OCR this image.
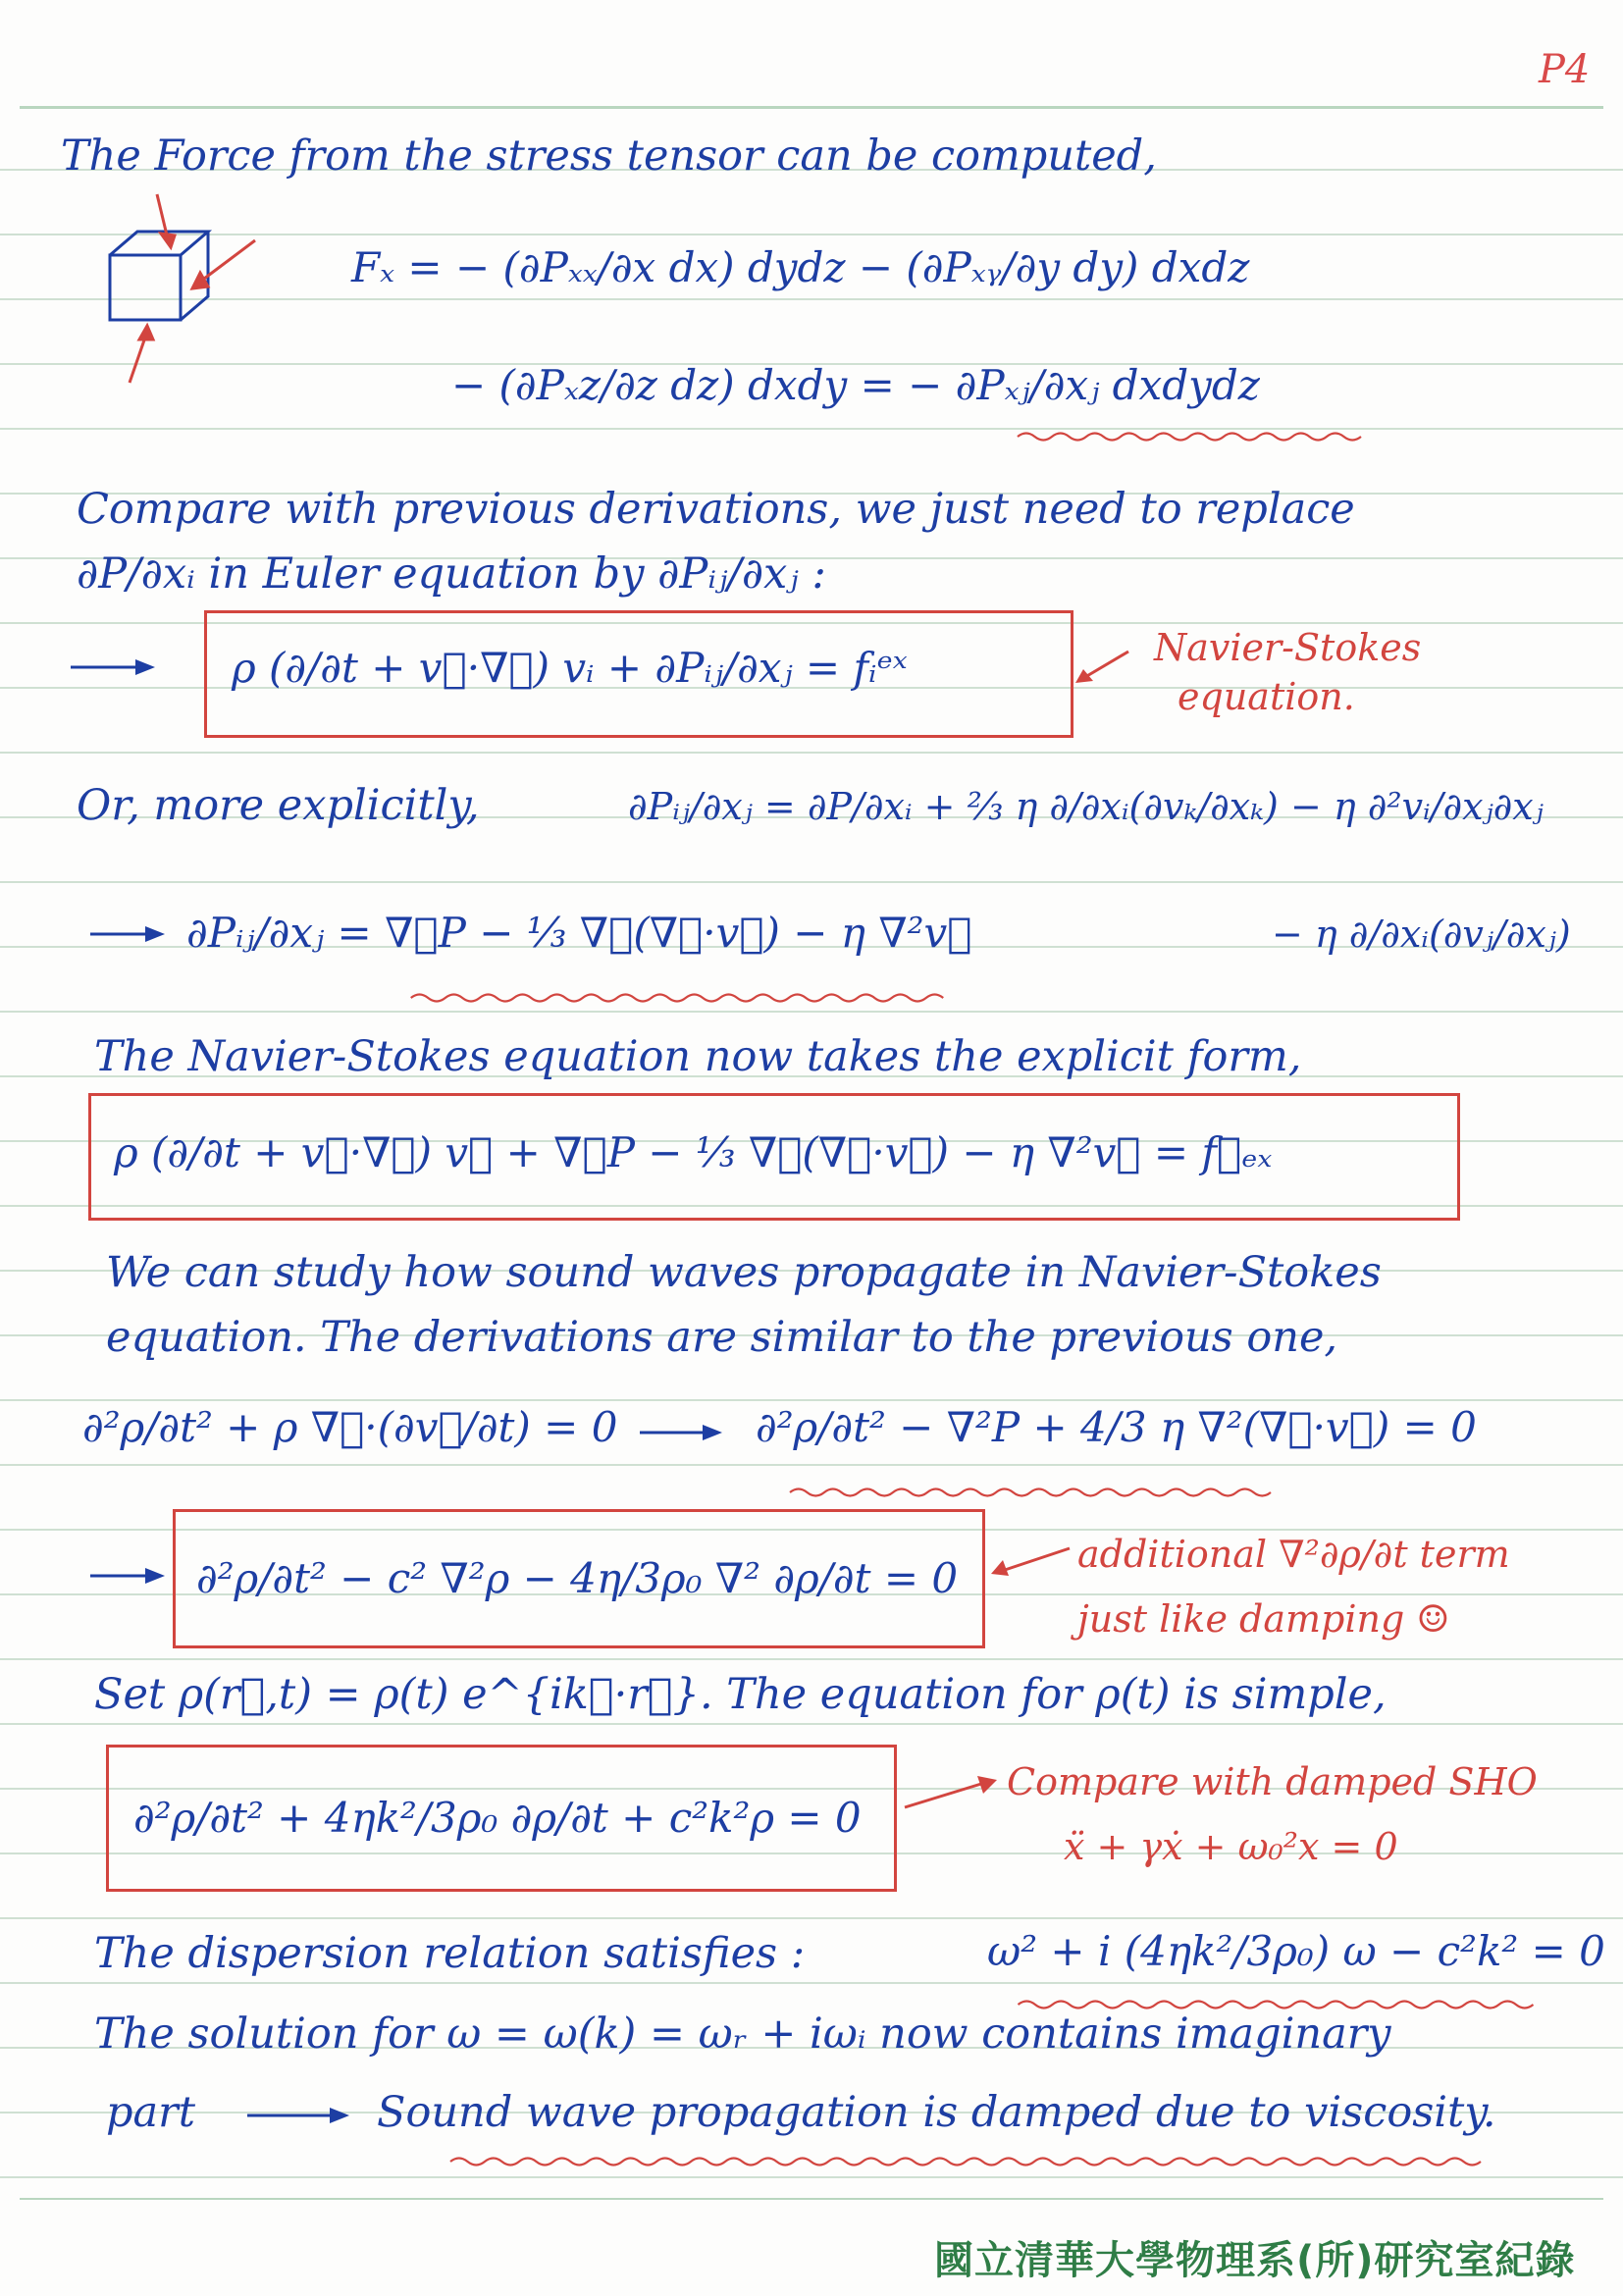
P4
The Force from the stress tensor can be computed,
Fₓ = − (∂Pₓₓ/∂x dx) dydz − (∂Pₓᵧ/∂y dy) dxdz
− (∂Pₓz/∂z dz) dxdy = − ∂Pₓⱼ/∂xⱼ dxdydz
Compare with previous derivations, we just need to replace
∂P/∂xᵢ in Euler equation by ∂Pᵢⱼ/∂xⱼ :
ρ (∂/∂t + v⃗·∇⃗) vᵢ + ∂Pᵢⱼ/∂xⱼ = fᵢᵉˣ	Navier-Stokes
equation.
Or, more explicitly,	∂Pᵢⱼ/∂xⱼ = ∂P/∂xᵢ + ⅔ η ∂/∂xᵢ(∂vₖ/∂xₖ) − η ∂²vᵢ/∂xⱼ∂xⱼ
∂Pᵢⱼ/∂xⱼ = ∇⃗P − ⅓ ∇⃗(∇⃗·v⃗) − η ∇²v⃗	− η ∂/∂xᵢ(∂vⱼ/∂xⱼ)
The Navier-Stokes equation now takes the explicit form,
ρ (∂/∂t + v⃗·∇⃗) v⃗ + ∇⃗P − ⅓ ∇⃗(∇⃗·v⃗) − η ∇²v⃗ = f⃗ₑₓ
We can study how sound waves propagate in Navier-Stokes
equation. The derivations are similar to the previous one,
∂²ρ/∂t² + ρ ∇⃗·(∂v⃗/∂t) = 0	∂²ρ/∂t² − ∇²P + 4/3 η ∇²(∇⃗·v⃗) = 0
∂²ρ/∂t² − c² ∇²ρ − 4η/3ρ₀ ∇² ∂ρ/∂t = 0	additional ∇²∂ρ/∂t term
just like damping ☺
Set ρ(r⃗,t) = ρ(t) e^{ik⃗·r⃗}. The equation for ρ(t) is simple,
∂²ρ/∂t² + 4ηk²/3ρ₀ ∂ρ/∂t + c²k²ρ = 0
Compare with damped SHO
ẍ + γẋ + ω₀²x = 0
The dispersion relation satisfies :	ω² + i (4ηk²/3ρ₀) ω − c²k² = 0
The solution for ω = ω(k) = ωᵣ + iωᵢ now contains imaginary
part	Sound wave propagation is damped due to viscosity.
國立清華大學物理系(所)研究室紀錄
